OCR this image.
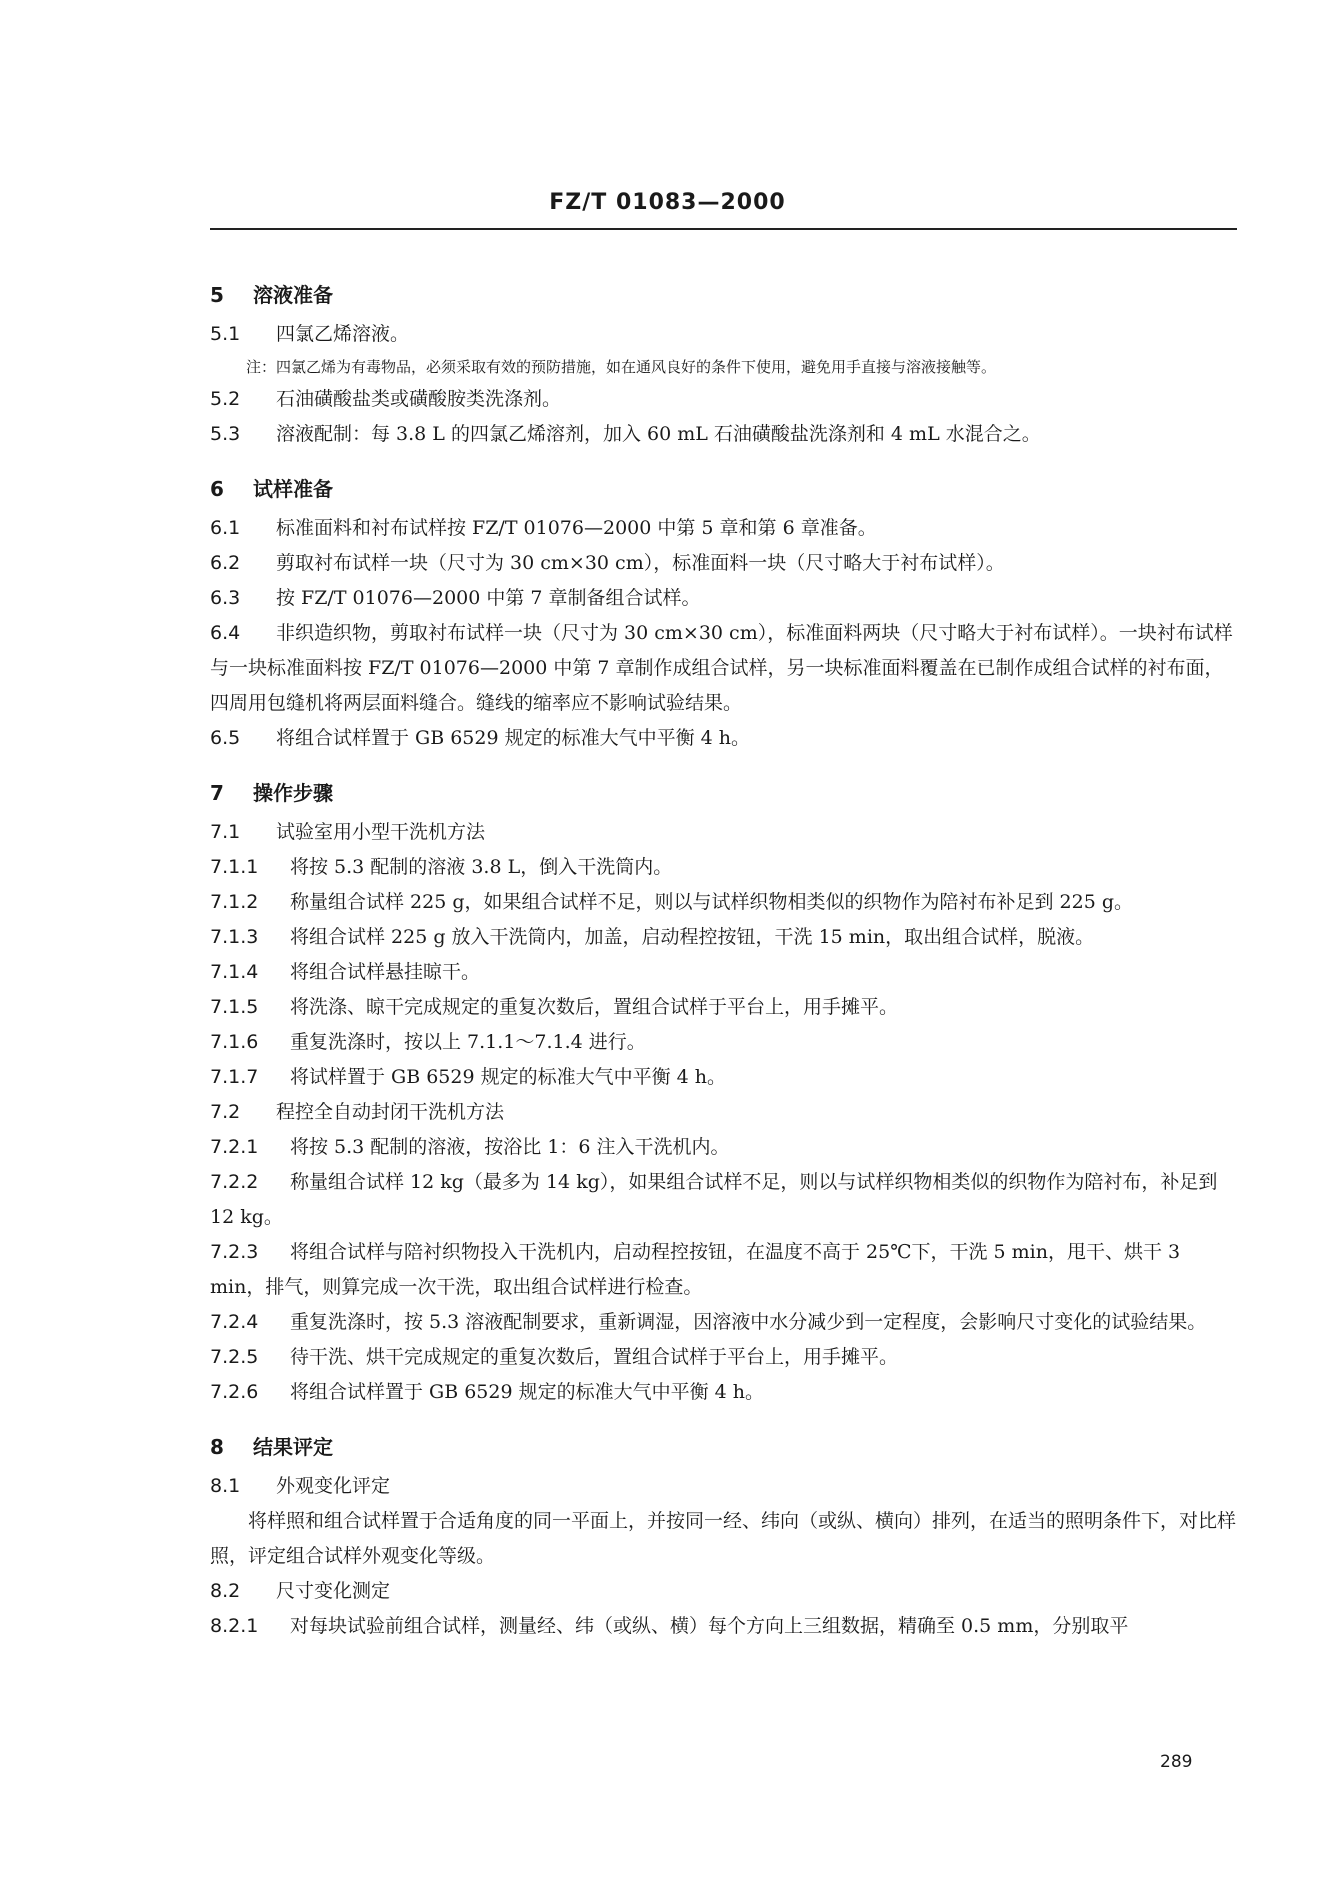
FZ/T 01083—2000
5 溶液准备
5.1 四氯乙烯溶液。
注：四氯乙烯为有毒物品，必须采取有效的预防措施，如在通风良好的条件下使用，避免用手直接与溶液接触等。
5.2 石油磺酸盐类或磺酸胺类洗涤剂。
5.3 溶液配制：每 3.8 L 的四氯乙烯溶剂，加入 60 mL 石油磺酸盐洗涤剂和 4 mL 水混合之。
6 试样准备
6.1 标准面料和衬布试样按 FZ/T 01076—2000 中第 5 章和第 6 章准备。
6.2 剪取衬布试样一块（尺寸为 30 cm×30 cm），标准面料一块（尺寸略大于衬布试样）。
6.3 按 FZ/T 01076—2000 中第 7 章制备组合试样。
6.4 非织造织物，剪取衬布试样一块（尺寸为 30 cm×30 cm），标准面料两块（尺寸略大于衬布试样）。一块衬布试样与一块标准面料按 FZ/T 01076—2000 中第 7 章制作成组合试样，另一块标准面料覆盖在已制作成组合试样的衬布面，四周用包缝机将两层面料缝合。缝线的缩率应不影响试验结果。
6.5 将组合试样置于 GB 6529 规定的标准大气中平衡 4 h。
7 操作步骤
7.1 试验室用小型干洗机方法
7.1.1 将按 5.3 配制的溶液 3.8 L，倒入干洗筒内。
7.1.2 称量组合试样 225 g，如果组合试样不足，则以与试样织物相类似的织物作为陪衬布补足到 225 g。
7.1.3 将组合试样 225 g 放入干洗筒内，加盖，启动程控按钮，干洗 15 min，取出组合试样，脱液。
7.1.4 将组合试样悬挂晾干。
7.1.5 将洗涤、晾干完成规定的重复次数后，置组合试样于平台上，用手摊平。
7.1.6 重复洗涤时，按以上 7.1.1～7.1.4 进行。
7.1.7 将试样置于 GB 6529 规定的标准大气中平衡 4 h。
7.2 程控全自动封闭干洗机方法
7.2.1 将按 5.3 配制的溶液，按浴比 1：6 注入干洗机内。
7.2.2 称量组合试样 12 kg（最多为 14 kg），如果组合试样不足，则以与试样织物相类似的织物作为陪衬布，补足到 12 kg。
7.2.3 将组合试样与陪衬织物投入干洗机内，启动程控按钮，在温度不高于 25℃下，干洗 5 min，甩干、烘干 3 min，排气，则算完成一次干洗，取出组合试样进行检查。
7.2.4 重复洗涤时，按 5.3 溶液配制要求，重新调湿，因溶液中水分减少到一定程度，会影响尺寸变化的试验结果。
7.2.5 待干洗、烘干完成规定的重复次数后，置组合试样于平台上，用手摊平。
7.2.6 将组合试样置于 GB 6529 规定的标准大气中平衡 4 h。
8 结果评定
8.1 外观变化评定
将样照和组合试样置于合适角度的同一平面上，并按同一经、纬向（或纵、横向）排列，在适当的照明条件下，对比样照，评定组合试样外观变化等级。
8.2 尺寸变化测定
8.2.1 对每块试验前组合试样，测量经、纬（或纵、横）每个方向上三组数据，精确至 0.5 mm，分别取平
289
